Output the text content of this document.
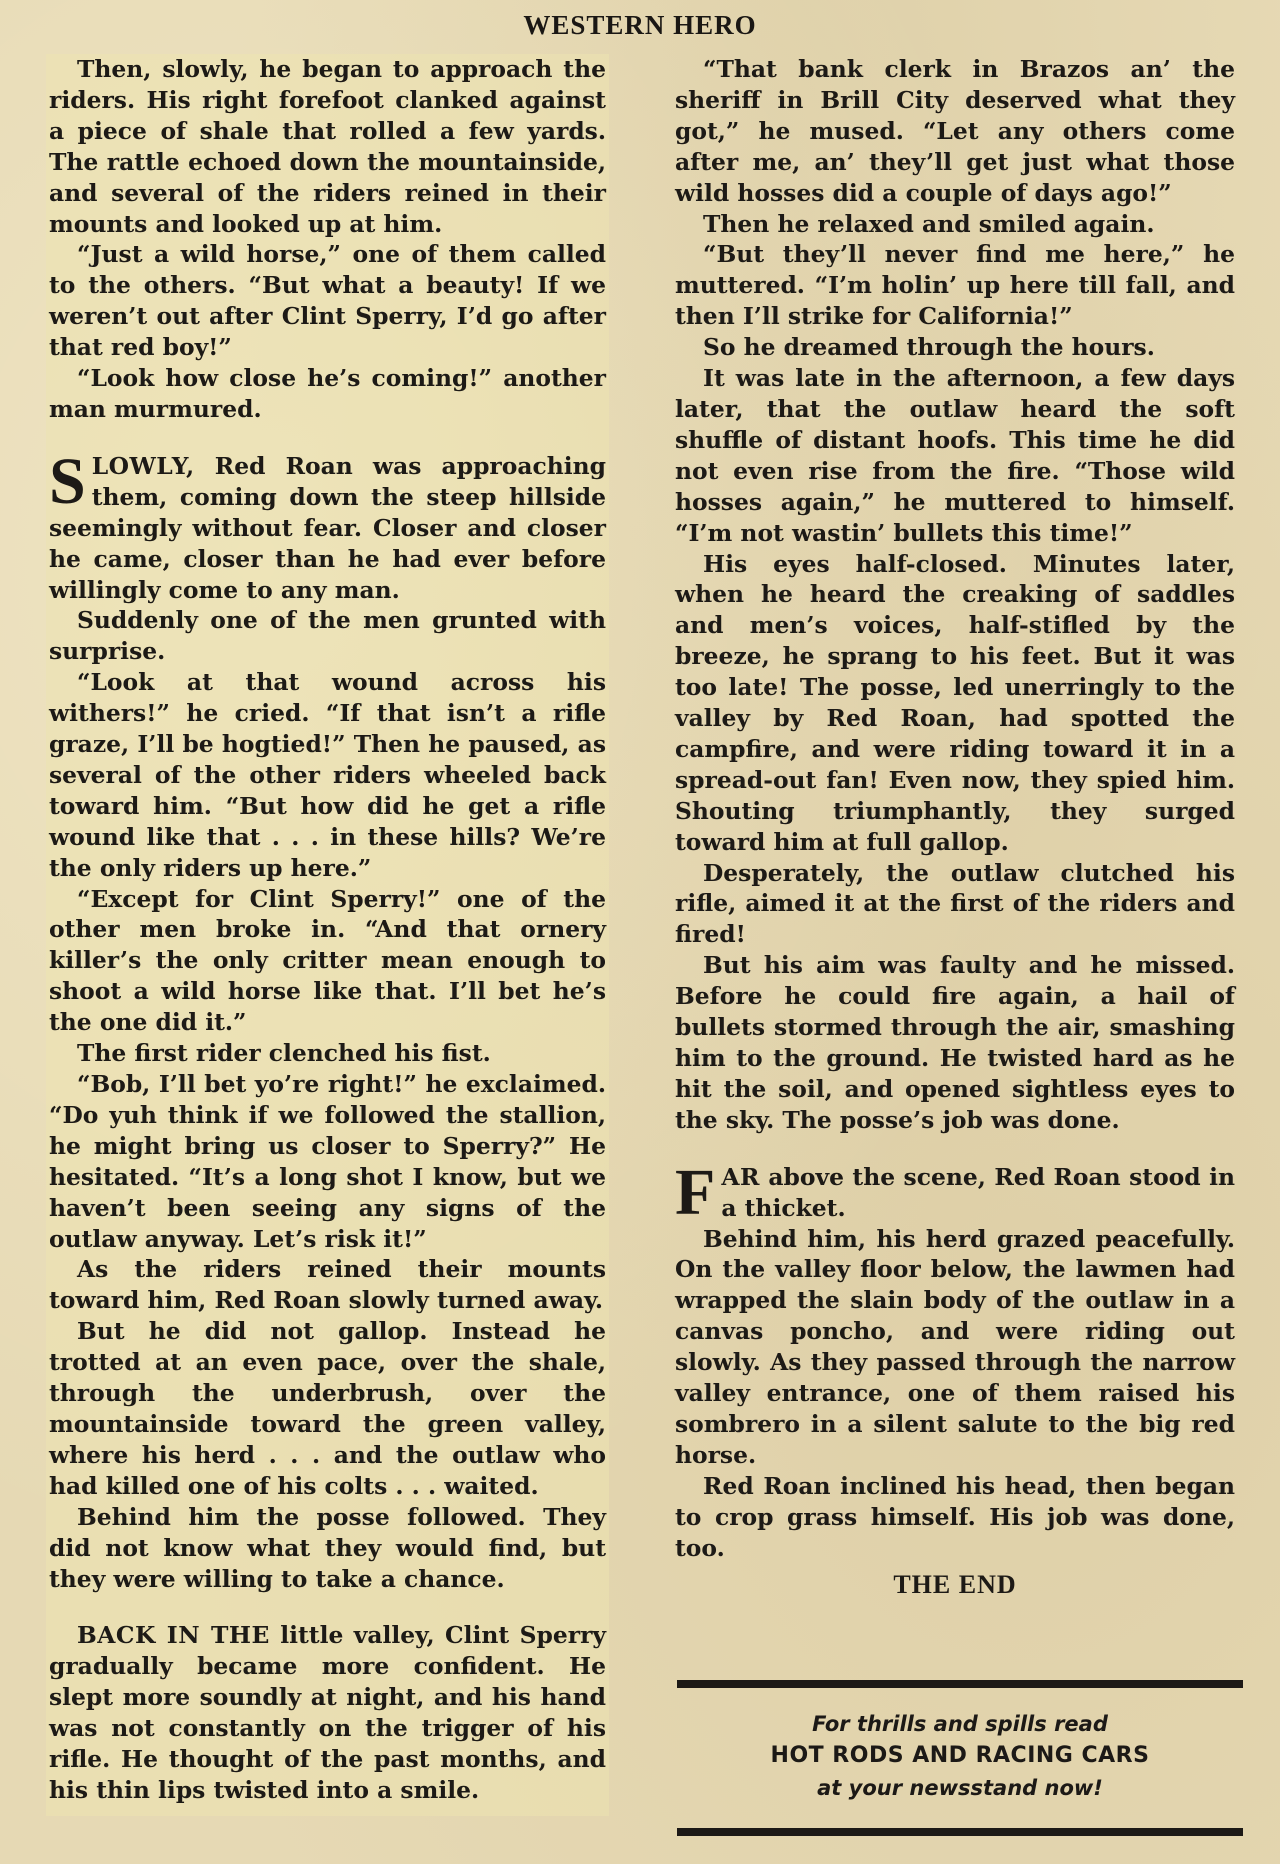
WESTERN HERO

Then, slowly, he began to approach the riders. His right forefoot clanked against a piece of shale that rolled a few yards. The rattle echoed down the mountainside, and several of the riders reined in their mounts and looked up at him.

“Just a wild horse,” one of them called to the others. “But what a beauty! If we weren’t out after Clint Sperry, I’d go after that red boy!”

“Look how close he’s coming!” another man murmured.

SLOWLY, Red Roan was approaching them, coming down the steep hillside seemingly without fear. Closer and closer he came, closer than he had ever before willingly come to any man.

Suddenly one of the men grunted with surprise.

“Look at that wound across his withers!” he cried. “If that isn’t a rifle graze, I’ll be hogtied!” Then he paused, as several of the other riders wheeled back toward him. “But how did he get a rifle wound like that . . . in these hills? We’re the only riders up here.”

“Except for Clint Sperry!” one of the other men broke in. “And that ornery killer’s the only critter mean enough to shoot a wild horse like that. I’ll bet he’s the one did it.”

The first rider clenched his fist.

“Bob, I’ll bet yo’re right!” he exclaimed. “Do yuh think if we followed the stallion, he might bring us closer to Sperry?” He hesitated. “It’s a long shot I know, but we haven’t been seeing any signs of the outlaw anyway. Let’s risk it!”

As the riders reined their mounts toward him, Red Roan slowly turned away.

But he did not gallop. Instead he trotted at an even pace, over the shale, through the underbrush, over the mountainside toward the green valley, where his herd . . . and the outlaw who had killed one of his colts . . . waited.

Behind him the posse followed. They did not know what they would find, but they were willing to take a chance.

BACK IN THE little valley, Clint Sperry gradually became more confident. He slept more soundly at night, and his hand was not constantly on the trigger of his rifle. He thought of the past months, and his thin lips twisted into a smile.

“That bank clerk in Brazos an’ the sheriff in Brill City deserved what they got,” he mused. “Let any others come after me, an’ they’ll get just what those wild hosses did a couple of days ago!”

Then he relaxed and smiled again.

“But they’ll never find me here,” he muttered. “I’m holin’ up here till fall, and then I’ll strike for California!”

So he dreamed through the hours.

It was late in the afternoon, a few days later, that the outlaw heard the soft shuffle of distant hoofs. This time he did not even rise from the fire. “Those wild hosses again,” he muttered to himself. “I’m not wastin’ bullets this time!”

His eyes half-closed. Minutes later, when he heard the creaking of saddles and men’s voices, half-stifled by the breeze, he sprang to his feet. But it was too late! The posse, led unerringly to the valley by Red Roan, had spotted the campfire, and were riding toward it in a spread-out fan! Even now, they spied him. Shouting triumphantly, they surged toward him at full gallop.

Desperately, the outlaw clutched his rifle, aimed it at the first of the riders and fired!

But his aim was faulty and he missed. Before he could fire again, a hail of bullets stormed through the air, smashing him to the ground. He twisted hard as he hit the soil, and opened sightless eyes to the sky. The posse’s job was done.

FAR above the scene, Red Roan stood in a thicket.

Behind him, his herd grazed peacefully. On the valley floor below, the lawmen had wrapped the slain body of the outlaw in a canvas poncho, and were riding out slowly. As they passed through the narrow valley entrance, one of them raised his sombrero in a silent salute to the big red horse.

Red Roan inclined his head, then began to crop grass himself. His job was done, too.

THE END
For thrills and spills read
HOT RODS AND RACING CARS
at your newsstand now!
